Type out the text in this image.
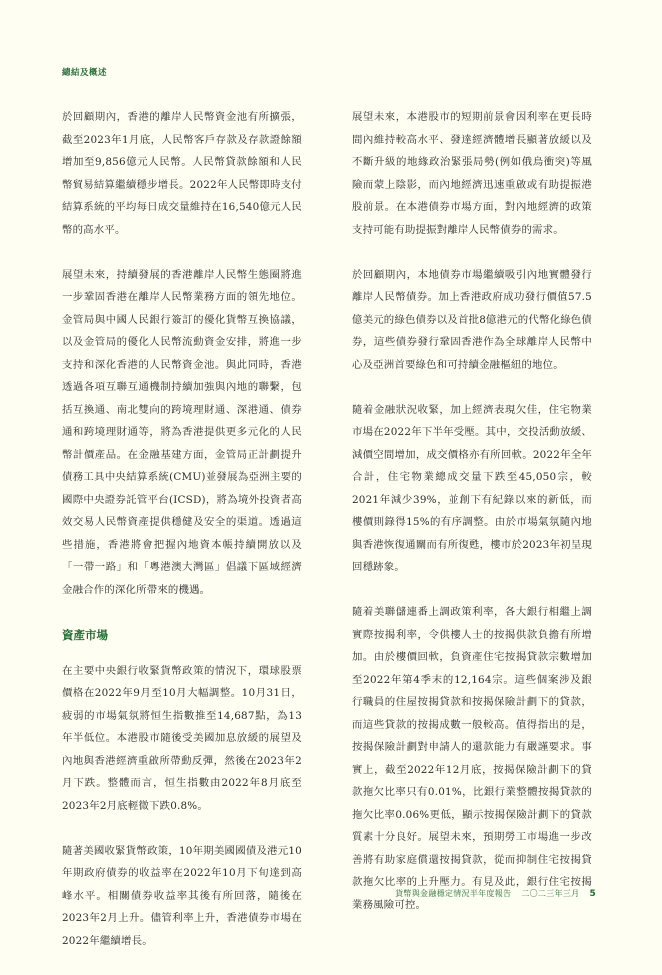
總結及概述

於回顧期內，香港的離岸人民幣資金池有所擴張，截至2023年1月底，人民幣客戶存款及存款證餘額增加至9,856億元人民幣。人民幣貸款餘額和人民幣貿易結算繼續穩步增長。2022年人民幣即時支付結算系統的平均每日成交量維持在16,540億元人民幣的高水平。

展望未來，持續發展的香港離岸人民幣生態圈將進一步鞏固香港在離岸人民幣業務方面的領先地位。金管局與中國人民銀行簽訂的優化貨幣互換協議，以及金管局的優化人民幣流動資金安排，將進一步支持和深化香港的人民幣資金池。與此同時，香港透過各項互聯互通機制持續加強與內地的聯繫，包括互換通、南北雙向的跨境理財通、深港通、債券通和跨境理財通等，將為香港提供更多元化的人民幣計價產品。在金融基建方面，金管局正計劃提升債務工具中央結算系統(CMU)並發展為亞洲主要的國際中央證券託管平台(ICSD)，將為境外投資者高效交易人民幣資產提供穩健及安全的渠道。透過這些措施，香港將會把握內地資本帳持續開放以及「一帶一路」和「粵港澳大灣區」倡議下區域經濟金融合作的深化所帶來的機遇。

資產市場

在主要中央銀行收緊貨幣政策的情況下，環球股票價格在2022年9月至10月大幅調整。10月31日，疲弱的市場氣氛將恒生指數推至14,687點，為13年半低位。本港股市隨後受美國加息放緩的展望及內地與香港經濟重啟所帶動反彈，然後在2023年2月下跌。整體而言，恒生指數由2022年8月底至2023年2月底輕微下跌0.8%。

隨著美國收緊貨幣政策，10年期美國國債及港元10年期政府債券的收益率在2022年10月下旬達到高峰水平。相關債券收益率其後有所回落，隨後在2023年2月上升。儘管利率上升，香港債券市場在2022年繼續增長。

展望未來，本港股市的短期前景會因利率在更長時間內維持較高水平、發達經濟體增長顯著放緩以及不斷升級的地緣政治緊張局勢(例如俄烏衝突)等風險而蒙上陰影，而內地經濟迅速重啟或有助提振港股前景。在本港債券市場方面，對內地經濟的政策支持可能有助提振對離岸人民幣債券的需求。

於回顧期內，本地債券市場繼續吸引內地實體發行離岸人民幣債券。加上香港政府成功發行價值57.5億美元的綠色債券以及首批8億港元的代幣化綠色債券，這些債券發行鞏固香港作為全球離岸人民幣中心及亞洲首要綠色和可持續金融樞紐的地位。

隨着金融狀況收緊，加上經濟表現欠佳，住宅物業市場在2022年下半年受壓。其中，交投活動放緩、減價空間增加，成交價格亦有所回軟。2022年全年合計，住宅物業總成交量下跌至45,050宗，較2021年減少39%，並創下有紀錄以來的新低，而樓價則錄得15%的有序調整。由於市場氣氛隨內地與香港恢復通關而有所復甦，樓市於2023年初呈現回穩跡象。

隨着美聯儲連番上調政策利率，各大銀行相繼上調實際按揭利率，令供樓人士的按揭供款負擔有所增加。由於樓價回軟，負資產住宅按揭貸款宗數增加至2022年第4季末的12,164宗。這些個案涉及銀行職員的住屋按揭貸款和按揭保險計劃下的貸款，而這些貸款的按揭成數一般較高。值得指出的是，按揭保險計劃對申請人的還款能力有嚴謹要求。事實上，截至2022年12月底，按揭保險計劃下的貸款拖欠比率只有0.01%，比銀行業整體按揭貸款的拖欠比率0.06%更低，顯示按揭保險計劃下的貸款質素十分良好。展望未來，預期勞工市場進一步改善將有助家庭償還按揭貸款，從而抑制住宅按揭貸款拖欠比率的上升壓力。有見及此，銀行住宅按揭業務風險可控。

貨幣與金融穩定情況半年度報告 二〇二三年三月 5
